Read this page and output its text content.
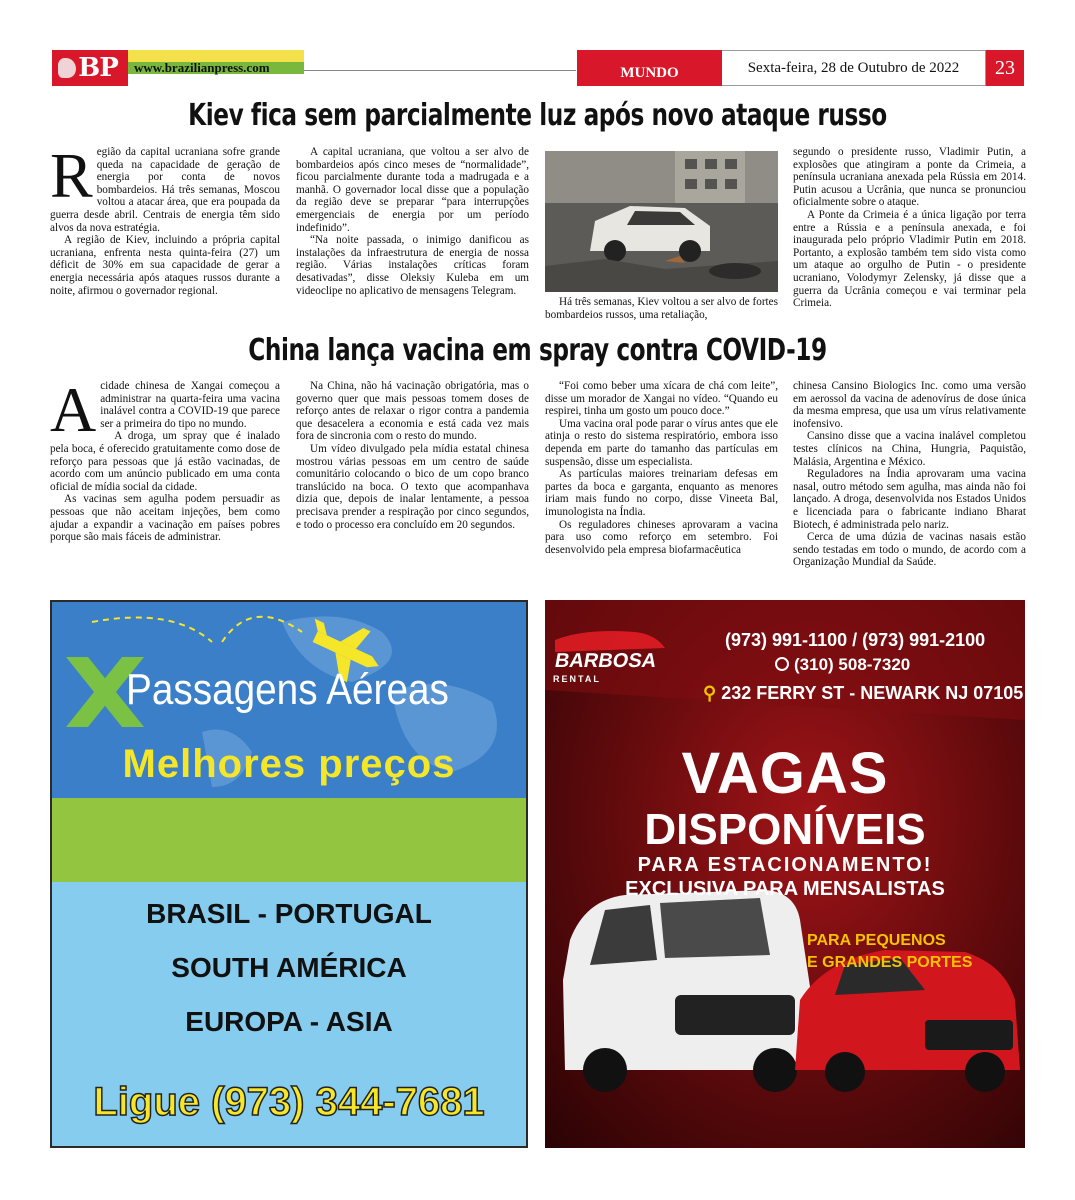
BP	www.brazilianpress.com	MUNDO	Sexta-feira, 28 de Outubro de 2022	23
Kiev fica sem parcialmente luz após novo ataque russo
R egião da capital ucraniana sofre grande queda na capacidade de geração de energia por conta de novos bombardeios. Há três semanas, Moscou voltou a atacar área, que era poupada da guerra desde abril. Centrais de energia têm sido alvos da nova estratégia.

A região de Kiev, incluindo a própria capital ucraniana, enfrenta nesta quinta-feira (27) um déficit de 30% em sua capacidade de gerar a energia necessária após ataques russos durante a noite, afirmou o governador regional.

A capital ucraniana, que voltou a ser alvo de bombardeios após cinco meses de “normalidade”, ficou parcialmente durante toda a madrugada e a manhã. O governador local disse que a população da região deve se preparar “para interrupções emergenciais de energia por um período indefinido”.

“Na noite passada, o inimigo danificou as instalações da infraestrutura de energia de nossa região. Várias instalações críticas foram desativadas”, disse Oleksiy Kuleba em um videoclipe no aplicativo de mensagens Telegram.

Há três semanas, Kiev voltou a ser alvo de fortes bombardeios russos, uma retaliação,

segundo o presidente russo, Vladimir Putin, a explosões que atingiram a ponte da Crimeia, a península ucraniana anexada pela Rússia em 2014. Putin acusou a Ucrânia, que nunca se pronunciou oficialmente sobre o ataque.

A Ponte da Crimeia é a única ligação por terra entre a Rússia e a península anexada, e foi inaugurada pelo próprio Vladimir Putin em 2018. Portanto, a explosão também tem sido vista como um ataque ao orgulho de Putin - o presidente ucraniano, Volodymyr Zelensky, já disse que a guerra da Ucrânia começou e vai terminar pela Crimeia.

China lança vacina em spray contra COVID-19
A cidade chinesa de Xangai começou a administrar na quarta-feira uma vacina inalável contra a COVID-19 que parece ser a primeira do tipo no mundo.

A droga, um spray que é inalado pela boca, é oferecido gratuitamente como dose de reforço para pessoas que já estão vacinadas, de acordo com um anúncio publicado em uma conta oficial de mídia social da cidade.

As vacinas sem agulha podem persuadir as pessoas que não aceitam injeções, bem como ajudar a expandir a vacinação em países pobres porque são mais fáceis de administrar.

Na China, não há vacinação obrigatória, mas o governo quer que mais pessoas tomem doses de reforço antes de relaxar o rigor contra a pandemia que desacelera a economia e está cada vez mais fora de sincronia com o resto do mundo.

Um vídeo divulgado pela mídia estatal chinesa mostrou várias pessoas em um centro de saúde comunitário colocando o bico de um copo branco translúcido na boca. O texto que acompanhava dizia que, depois de inalar lentamente, a pessoa precisava prender a respiração por cinco segundos, e todo o processo era concluído em 20 segundos.

“Foi como beber uma xícara de chá com leite”, disse um morador de Xangai no vídeo. “Quando eu respirei, tinha um gosto um pouco doce.”

Uma vacina oral pode parar o vírus antes que ele atinja o resto do sistema respiratório, embora isso dependa em parte do tamanho das partículas em suspensão, disse um especialista.

As partículas maiores treinariam defesas em partes da boca e garganta, enquanto as menores iriam mais fundo no corpo, disse Vineeta Bal, imunologista na Índia.

Os reguladores chineses aprovaram a vacina para uso como reforço em setembro. Foi desenvolvido pela empresa biofarmacêutica

chinesa Cansino Biologics Inc. como uma versão em aerossol da vacina de adenovírus de dose única da mesma empresa, que usa um vírus relativamente inofensivo.

Cansino disse que a vacina inalável completou testes clínicos na China, Hungria, Paquistão, Malásia, Argentina e México.

Reguladores na Índia aprovaram uma vacina nasal, outro método sem agulha, mas ainda não foi lançado. A droga, desenvolvida nos Estados Unidos e licenciada para o fabricante indiano Bharat Biotech, é administrada pelo nariz.

Cerca de uma dúzia de vacinas nasais estão sendo testadas em todo o mundo, de acordo com a Organização Mundial da Saúde.

Passagens Aéreas
Melhores preços
BRASIL - PORTUGAL
SOUTH AMÉRICA
EUROPA - ASIA
Ligue (973) 344-7681
BARBOSA
RENTAL
(973) 991-1100 / (973) 991-2100
(310) 508-7320
⚲ 232 FERRY ST - NEWARK NJ 07105
VAGAS
DISPONÍVEIS
PARA ESTACIONAMENTO!
EXCLUSIVA PARA MENSALISTAS
PARA PEQUENOS
E GRANDES PORTES
